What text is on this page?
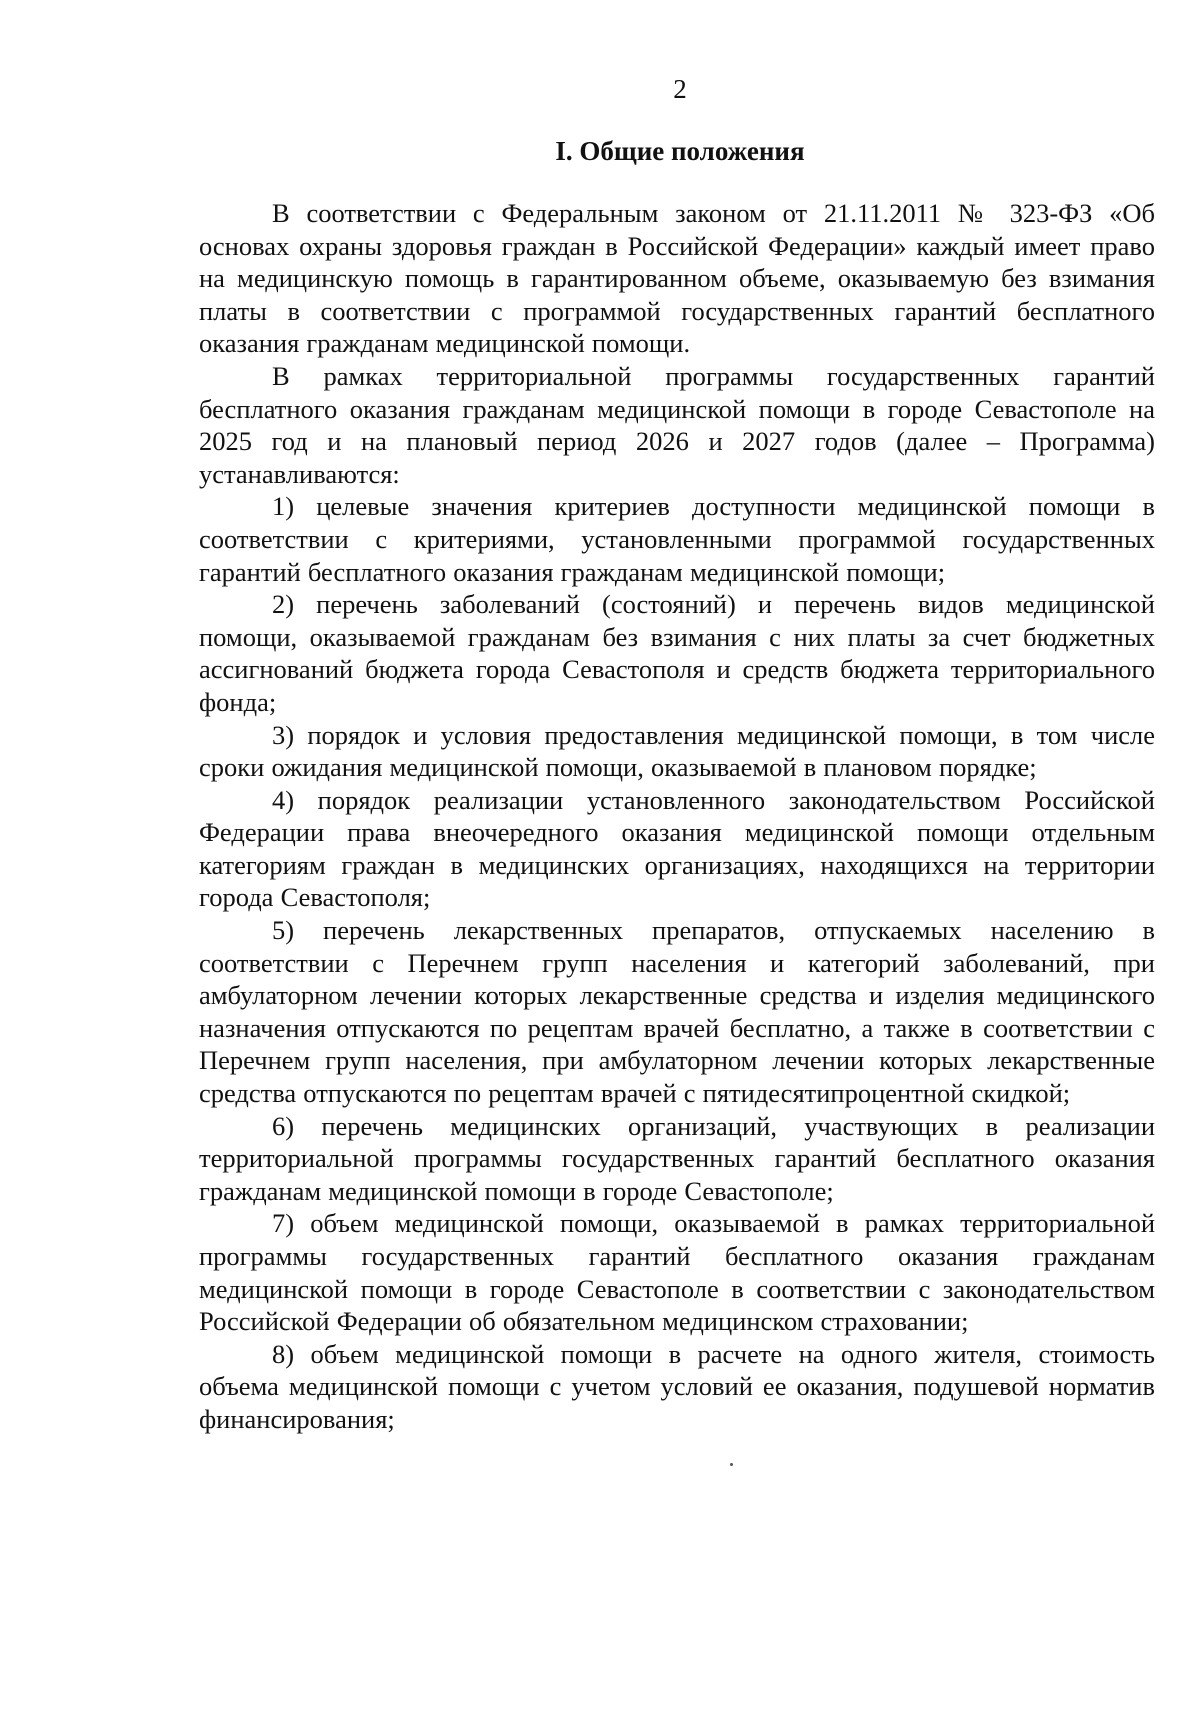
2
I. Общие положения

В соответствии с Федеральным законом от 21.11.2011 № 323-ФЗ «Об основах охраны здоровья граждан в Российской Федерации» каждый имеет право на медицинскую помощь в гарантированном объеме, оказываемую без взимания платы в соответствии с программой государственных гарантий бесплатного оказания гражданам медицинской помощи.

В рамках территориальной программы государственных гарантий бесплатного оказания гражданам медицинской помощи в городе Севастополе на 2025 год и на плановый период 2026 и 2027 годов (далее – Программа) устанавливаются:

1) целевые значения критериев доступности медицинской помощи в соответствии с критериями, установленными программой государственных гарантий бесплатного оказания гражданам медицинской помощи;

2) перечень заболеваний (состояний) и перечень видов медицинской помощи, оказываемой гражданам без взимания с них платы за счет бюджетных ассигнований бюджета города Севастополя и средств бюджета территориального фонда;

3) порядок и условия предоставления медицинской помощи, в том числе сроки ожидания медицинской помощи, оказываемой в плановом порядке;

4) порядок реализации установленного законодательством Российской Федерации права внеочередного оказания медицинской помощи отдельным категориям граждан в медицинских организациях, находящихся на территории города Севастополя;

5) перечень лекарственных препаратов, отпускаемых населению в соответствии с Перечнем групп населения и категорий заболеваний, при амбулаторном лечении которых лекарственные средства и изделия медицинского назначения отпускаются по рецептам врачей бесплатно, а также в соответствии с Перечнем групп населения, при амбулаторном лечении которых лекарственные средства отпускаются по рецептам врачей с пятидесятипроцентной скидкой;

6) перечень медицинских организаций, участвующих в реализации территориальной программы государственных гарантий бесплатного оказания гражданам медицинской помощи в городе Севастополе;

7) объем медицинской помощи, оказываемой в рамках территориальной программы государственных гарантий бесплатного оказания гражданам медицинской помощи в городе Севастополе в соответствии с законодательством Российской Федерации об обязательном медицинском страховании;

8) объем медицинской помощи в расчете на одного жителя, стоимость объема медицинской помощи с учетом условий ее оказания, подушевой норматив финансирования;
